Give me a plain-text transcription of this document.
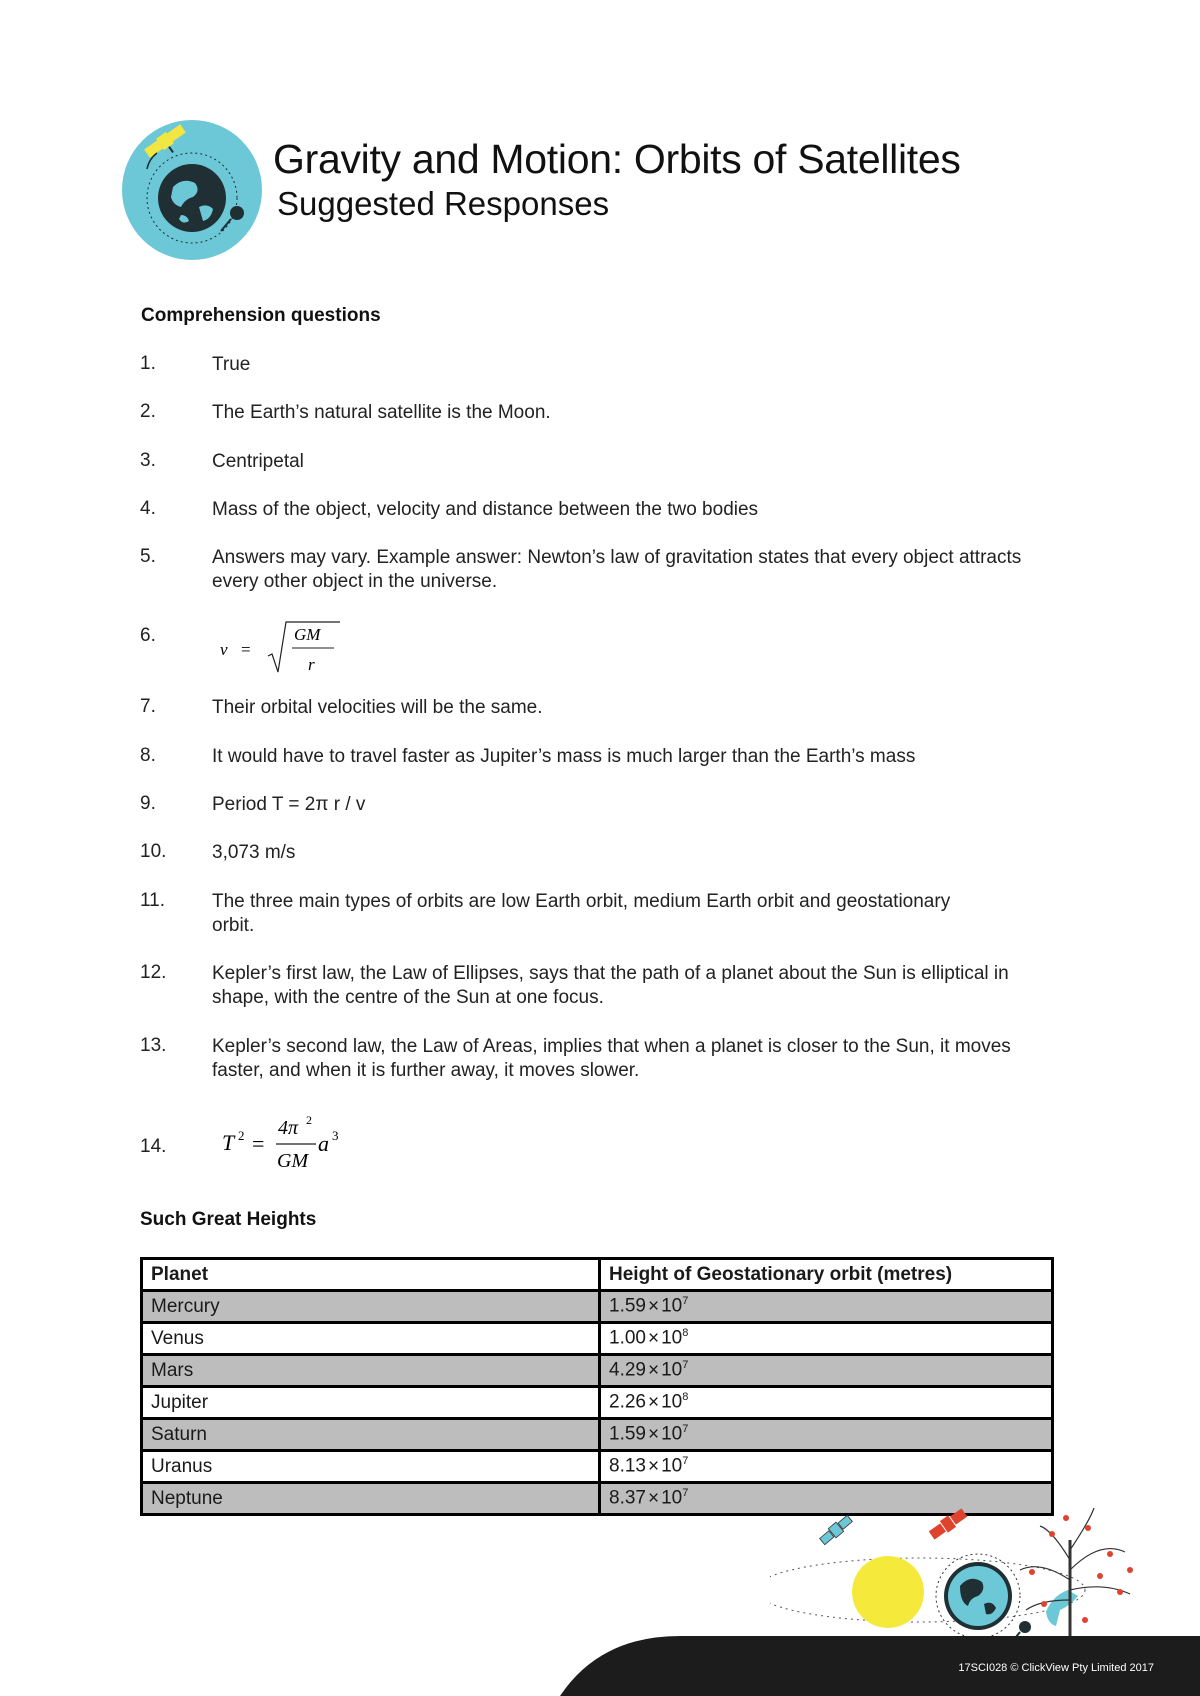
Gravity and Motion: Orbits of Satellites
Suggested Responses
Comprehension questions
1.	True
2.	The Earth’s natural satellite is the Moon.
3.	Centripetal
4.	Mass of the object, velocity and distance between the two bodies
5.	Answers may vary. Example answer: Newton’s law of gravitation states that every object attracts every other object in the universe.
6.
v =
GM
r
7.	Their orbital velocities will be the same.
8.	It would have to travel faster as Jupiter’s mass is much larger than the Earth’s mass
9.	Period T = 2π r / v
10. 3,073 m/s
11. The three main types of orbits are low Earth orbit, medium Earth orbit and geostationary orbit.
12. Kepler’s first law, the Law of Ellipses, says that the path of a planet about the Sun is elliptical in shape, with the centre of the Sun at one focus.
13. Kepler’s second law, the Law of Areas, implies that when a planet is closer to the Sun, it moves faster, and when it is further away, it moves slower.
14.	T 2 =
4π 2
GM
a 3
Such Great Heights
Planet	Height of Geostationary orbit (metres)
Mercury	$1.59 \times 10^7$
Venus	$1.00 \times 10^8$
Mars	$4.29 \times 10^7$
Jupiter	$2.26 \times 10^8$
Saturn	$1.59 \times 10^7$
Uranus	$8.13 \times 10^7$
Neptune	$8.37 \times 10^7$
17SCI028 © ClickView Pty Limited 2017
